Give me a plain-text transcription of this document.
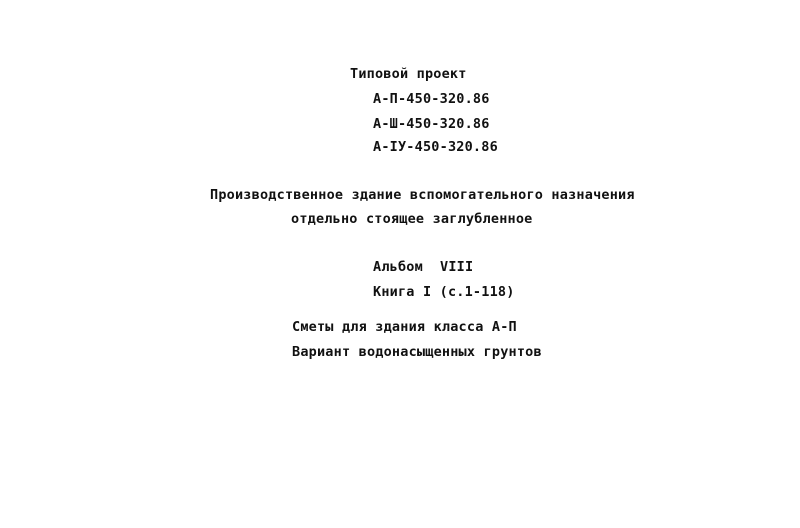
Типовой проект
А-П-450-320.86
А-Ш-450-320.86
А-IУ-450-320.86
Производственное здание вспомогательного назначения
отдельно стоящее заглубленное
Альбом VIII
Книга I (с.1-118)
Сметы для здания класса А-П
Вариант водонасыщенных грунтов
